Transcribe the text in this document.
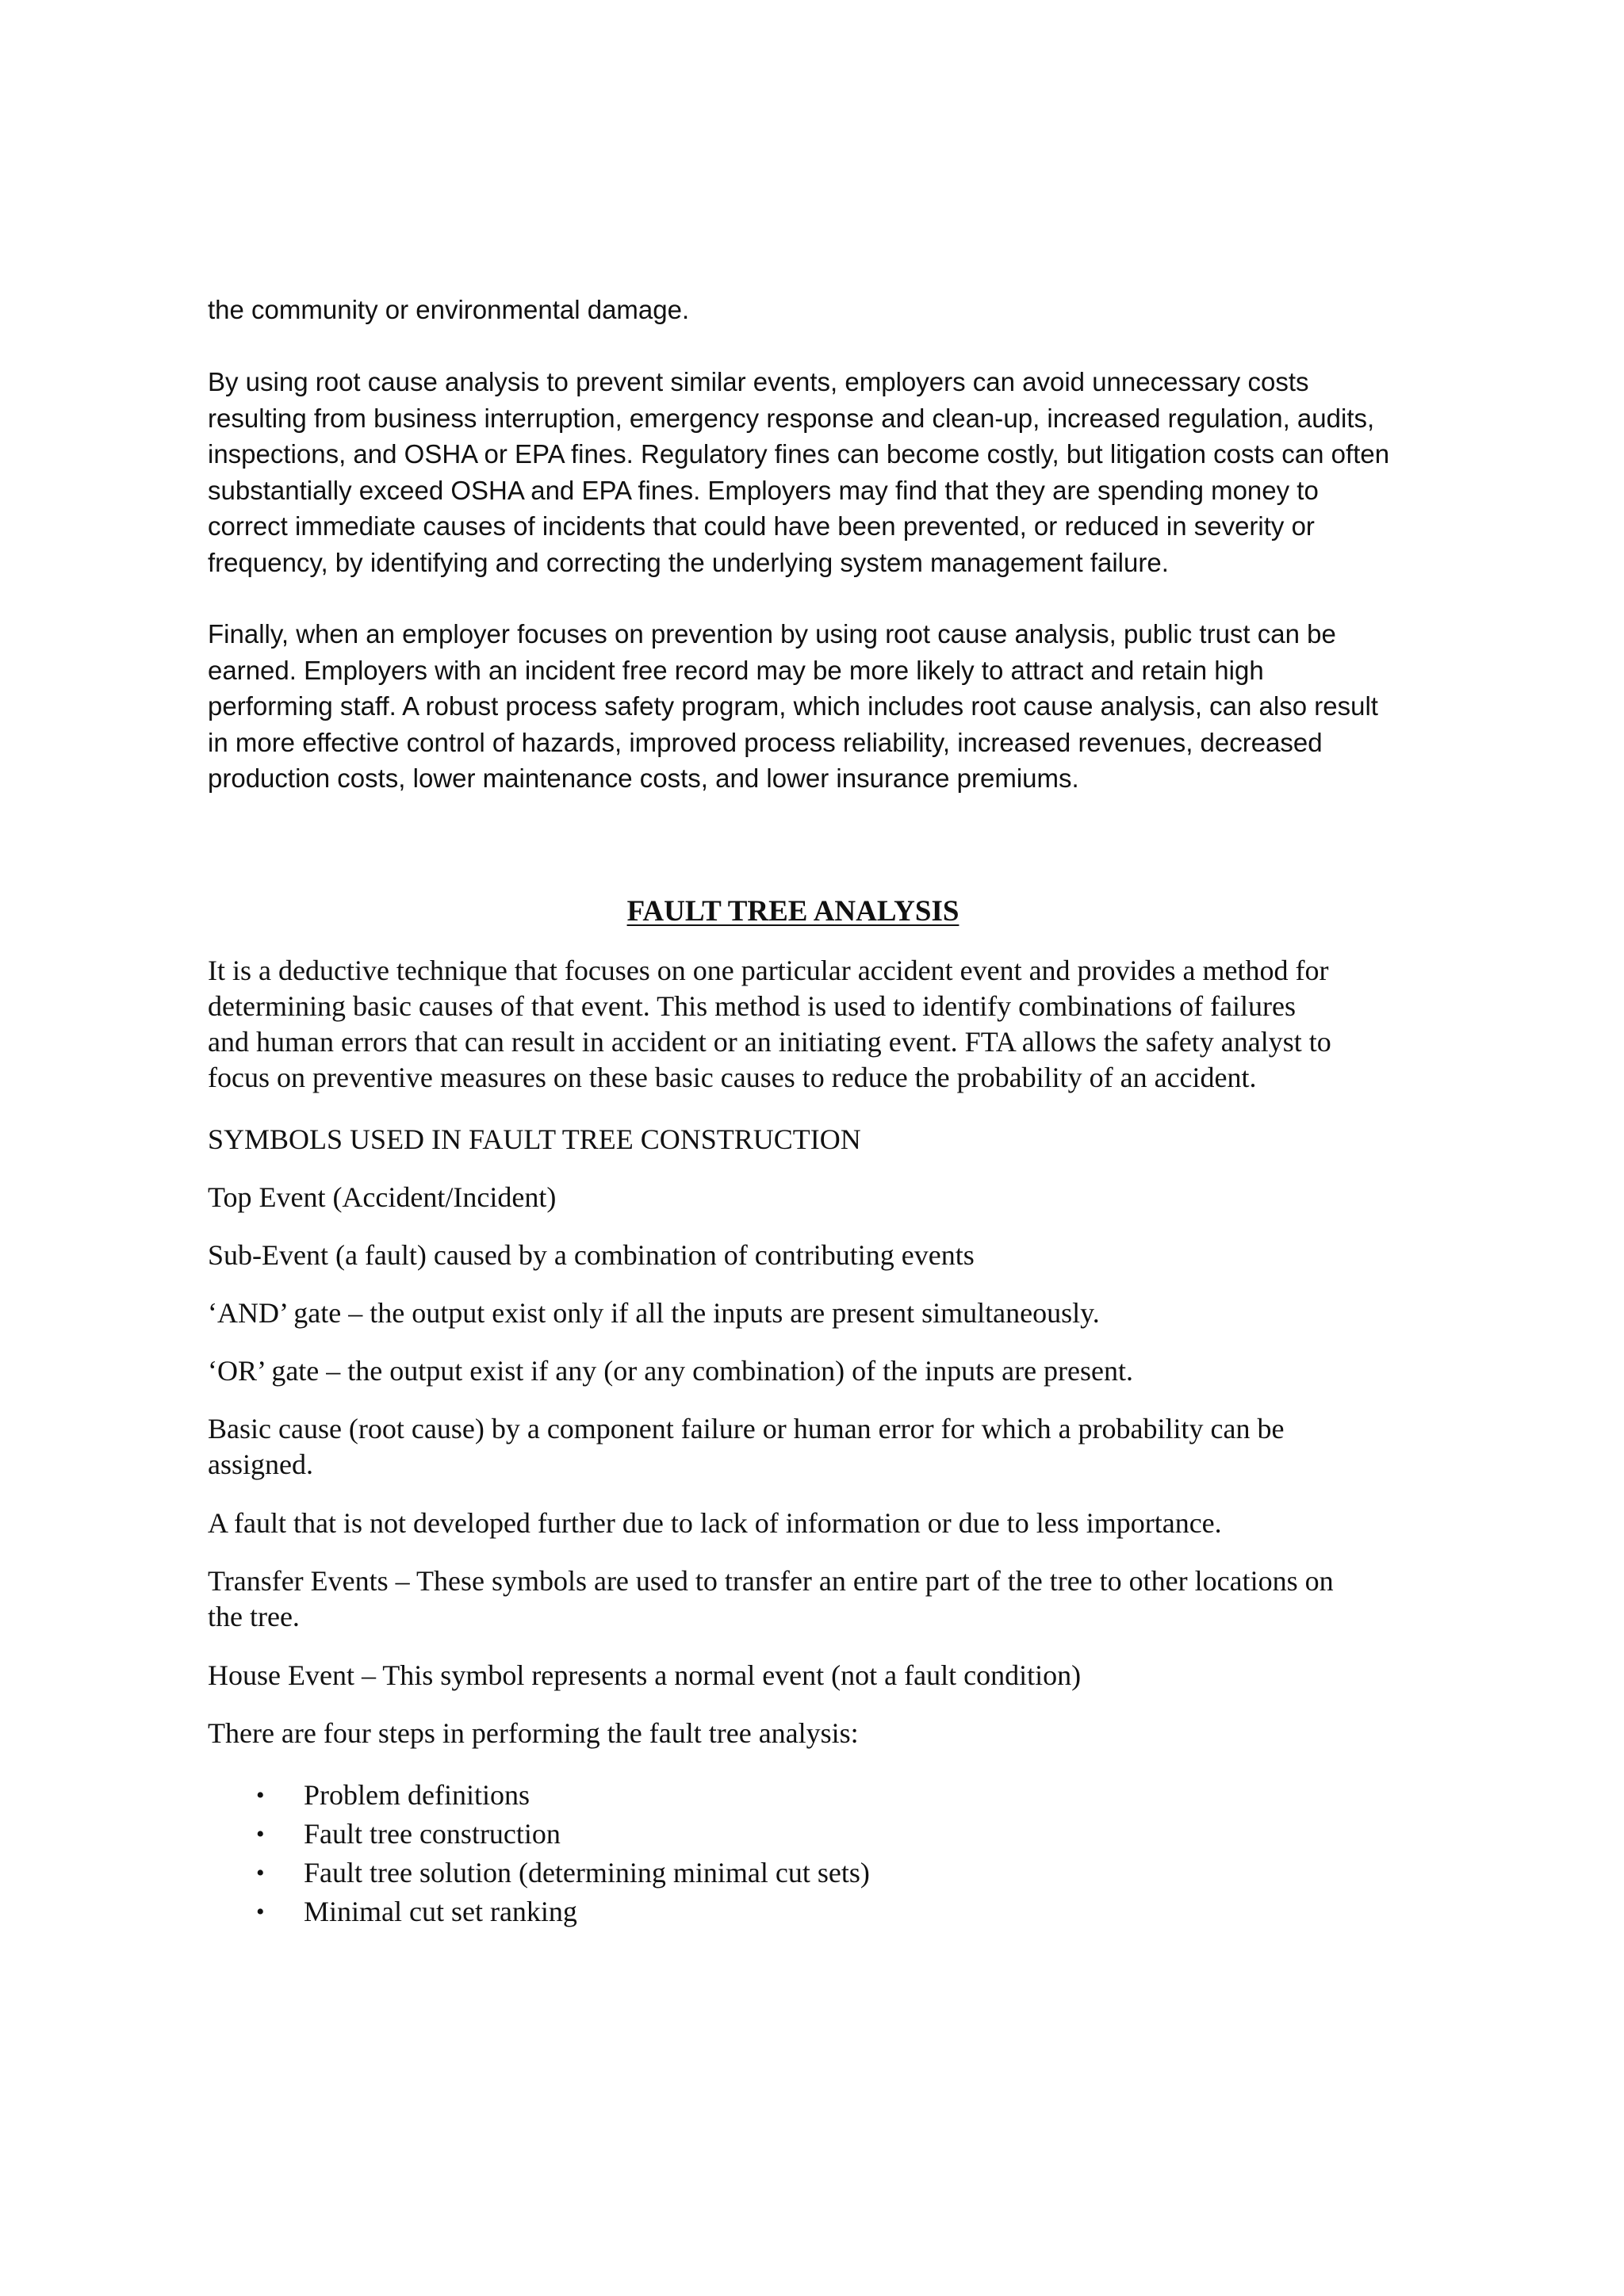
the community or environmental damage.

By using root cause analysis to prevent similar events, employers can avoid unnecessary costs
resulting from business interruption, emergency response and clean-up, increased regulation, audits,
inspections, and OSHA or EPA fines. Regulatory fines can become costly, but litigation costs can often
substantially exceed OSHA and EPA fines. Employers may find that they are spending money to
correct immediate causes of incidents that could have been prevented, or reduced in severity or
frequency, by identifying and correcting the underlying system management failure.

Finally, when an employer focuses on prevention by using root cause analysis, public trust can be
earned. Employers with an incident free record may be more likely to attract and retain high
performing staff. A robust process safety program, which includes root cause analysis, can also result
in more effective control of hazards, improved process reliability, increased revenues, decreased
production costs, lower maintenance costs, and lower insurance premiums.

FAULT TREE ANALYSIS

It is a deductive technique that focuses on one particular accident event and provides a method for
determining basic causes of that event. This method is used to identify combinations of failures
and human errors that can result in accident or an initiating event. FTA allows the safety analyst to
focus on preventive measures on these basic causes to reduce the probability of an accident.

SYMBOLS USED IN FAULT TREE CONSTRUCTION

Top Event (Accident/Incident)

Sub-Event (a fault) caused by a combination of contributing events

‘AND’ gate – the output exist only if all the inputs are present simultaneously.

‘OR’ gate – the output exist if any (or any combination) of the inputs are present.

Basic cause (root cause) by a component failure or human error for which a probability can be
assigned.

A fault that is not developed further due to lack of information or due to less importance.

Transfer Events – These symbols are used to transfer an entire part of the tree to other locations on
the tree.

House Event – This symbol represents a normal event (not a fault condition)

There are four steps in performing the fault tree analysis:

• Problem definitions
• Fault tree construction
• Fault tree solution (determining minimal cut sets)
• Minimal cut set ranking
